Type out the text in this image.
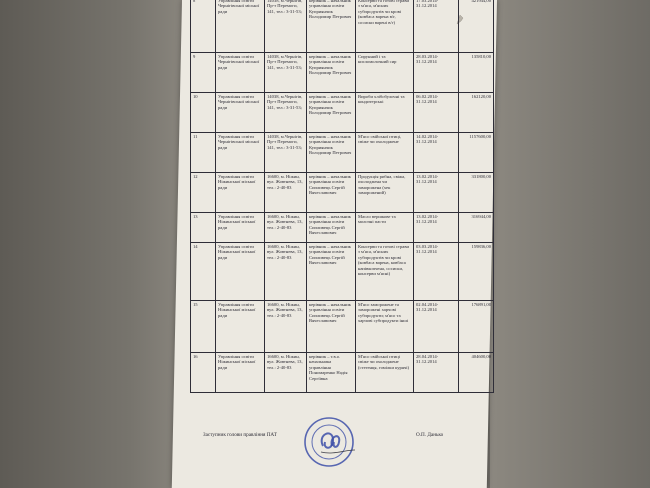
8	Управління освіти Чернігівської міської ради	14038, м.Чернігів, Пр-т Перемоги, 141, тел.: 3-31-53;	керівник – начальник управління освіти Куприянчик Володимир Петрович	Консерви та готові страви з м'яса, м'ясних субпродуктів чи крові (ковбаса варена в/г, сосиски варені в/г)	17.03.2014-31.12.2014	421944,00
9	Управління освіти Чернігівської міської ради	14038, м.Чернігів, Пр-т Перемоги, 141, тел.: 3-31-53;	керівник – начальник управління освіти Куприянчик Володимир Петрович	Сирунний і та кисломолочний сир	28.03.2014-31.12.2014	135810,00
10	Управління освіти Чернігівської міської ради	14038, м.Чернігів, Пр-т Перемоги, 141, тел.: 3-31-53;	керівник – начальник управління освіти Куприянчик Володимир Петрович	Вироби хлібобулочні та кондитерські	06.02.2014-31.12.2014	162120,00
11	Управління освіти Чернігівської міської ради	14038, м.Чернігів, Пр-т Перемоги, 141, тел.: 3-31-53;	керівник – начальник управління освіти Куприянчик Володимир Петрович	М'ясо свійської птиці, свіже чи охолоджене	14.02.2014-31.12.2014	1157600,00
12	Управління освіти Ніжинської міської ради	16600, м. Ніжин, вул. Жовтнева, 13, тел.: 2-40-83	керівник – начальник управління освіти Сипливець Сергій Вячеславович	Продукція рибна, свіжа, охолоджена чи заморожена (хек заморожений)	13.02.2014-31.12.2014	331800,00
13	Управління освіти Ніжинської міської ради	16600, м. Ніжин, вул. Жовтнева, 13, тел.: 2-40-83	керівник – начальник управління освіти Сипливець Сергій Вячеславович	Масло вершкове та молочні пасти	13.02.2014-31.12.2014	316944,00
14	Управління освіти Ніжинської міської ради	16600, м. Ніжин, вул. Жовтнева, 13, тел.: 2-40-83	керівник – начальник управління освіти Сипливець Сергій Вячеславович	Консерви та готові страви з м'яса, м'ясних субпродуктів чи крові (ковбаса варена, ковбаса напівкопчена, сосиски, консерви м'ясні)	03.03.2014-31.12.2014	159836,00
15	Управління освіти Ніжинської міської ради	16600, м. Ніжин, вул. Жовтнева, 13, тел.: 2-40-83	керівник – начальник управління освіти Сипливець Сергій Вячеславович	М'ясо заморожене та заморожені харчові субпродукти; м'ясо та харчові субпродукти інші	02.04.2014-31.12.2014	176891,00
16	Управління освіти Ніжинської міської ради	16600, м. Ніжин, вул. Жовтнева, 13, тел.: 2-40-83	керівник – т.в.о. начальника управління Пономаренко Надія Сергіївна	М'ясо свійської птиці свіже чи охолоджене (стегенця, гомілки курячі)	28.04.2014-31.12.2014	404600,00
Заступник голови правління ПАТ	О.П. Данько
